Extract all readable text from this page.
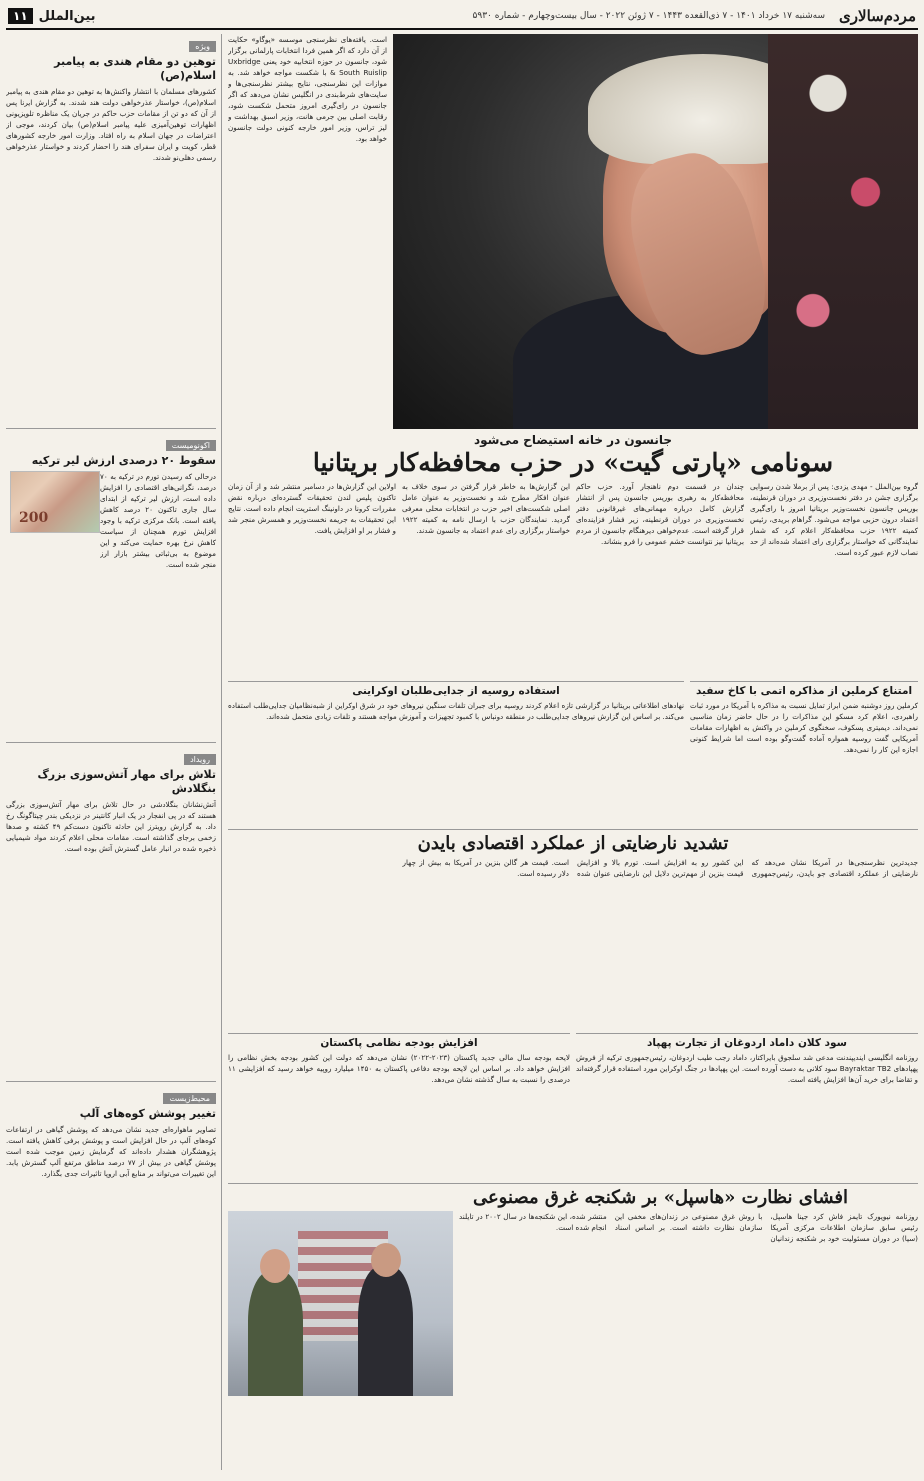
مردم‌سالاری
سه‌شنبه ۱۷ خرداد ۱۴۰۱ - ۷ ذی‌القعده ۱۴۴۳ - ۷ ژوئن ۲۰۲۲ - سال بیست‌وچهارم - شماره ۵۹۳۰
بین‌الملل
۱۱
است. یافته‌های نظرسنجی موسسه «یوگاو» حکایت از آن دارد که اگر همین فردا انتخابات پارلمانی برگزار شود، جانسون در حوزه انتخابیه خود یعنی Uxbridge & South Ruislip با شکست مواجه خواهد شد. به موازات این نظرسنجی، نتایج بیشتر نظرسنجی‌ها و سایت‌های شرط‌بندی در انگلیس نشان می‌دهد که اگر جانسون در رای‌گیری امروز متحمل شکست شود، رقابت اصلی بین جرمی هانت، وزیر اسبق بهداشت و لیز تراس، وزیر امور خارجه کنونی دولت جانسون خواهد بود.
جانسون در خانه استیضاح می‌شود
سونامی «پارتی گیت» در حزب محافظه‌کار بریتانیا
گروه بین‌الملل - مهدی یزدی: پس از برملا شدن رسوایی برگزاری جشن در دفتر نخست‌وزیری در دوران قرنطینه، بوریس جانسون نخست‌وزیر بریتانیا امروز با رای‌گیری اعتماد درون حزبی مواجه می‌شود. گراهام بریدی، رئیس کمیته ۱۹۲۲ حزب محافظه‌کار اعلام کرد که شمار نمایندگانی که خواستار برگزاری رای اعتماد شده‌اند از حد نصاب لازم عبور کرده است.
چندان در قسمت دوم ناهنجار آورد. حزب حاکم محافظه‌کار به رهبری بوریس جانسون پس از انتشار گزارش کامل درباره مهمانی‌های غیرقانونی دفتر نخست‌وزیری در دوران قرنطینه، زیر فشار فزاینده‌ای قرار گرفته است. عدم‌خواهی دیرهنگام جانسون از مردم بریتانیا نیز نتوانست خشم عمومی را فرو بنشاند.
این گزارش‌ها به خاطر قرار گرفتن در سوی خلاف به عنوان افکار مطرح شد و نخست‌وزیر به عنوان عامل اصلی شکست‌های اخیر حزب در انتخابات محلی معرفی گردید. نمایندگان حزب با ارسال نامه به کمیته ۱۹۲۲ خواستار برگزاری رای عدم اعتماد به جانسون شدند.
اولاین این گزارش‌ها در دسامبر منتشر شد و از آن زمان تاکنون پلیس لندن تحقیقات گسترده‌ای درباره نقض مقررات کرونا در داونینگ استریت انجام داده است. نتایج این تحقیقات به جریمه نخست‌وزیر و همسرش منجر شد و فشار بر او افزایش یافت.
امتناع کرملین از مذاکره اتمی با کاخ سفید
کرملین روز دوشنبه ضمن ابراز تمایل نسبت به مذاکره با آمریکا در مورد ثبات راهبردی، اعلام کرد مسکو این مذاکرات را در حال حاضر زمان مناسبی نمی‌داند. دیمیتری پسکوف، سخنگوی کرملین در واکنش به اظهارات مقامات آمریکایی گفت روسیه همواره آماده گفت‌وگو بوده است اما شرایط کنونی اجازه این کار را نمی‌دهد.
استفاده روسیه از جدایی‌طلبان اوکراینی
نهادهای اطلاعاتی بریتانیا در گزارشی تازه اعلام کردند روسیه برای جبران تلفات سنگین نیروهای خود در شرق اوکراین از شبه‌نظامیان جدایی‌طلب استفاده می‌کند. بر اساس این گزارش نیروهای جدایی‌طلب در منطقه دونباس با کمبود تجهیزات و آموزش مواجه هستند و تلفات زیادی متحمل شده‌اند.
تشدید نارضایتی از عملکرد اقتصادی بایدن
جدیدترین نظرسنجی‌ها در آمریکا نشان می‌دهد که نارضایتی از عملکرد اقتصادی جو بایدن، رئیس‌جمهوری این کشور رو به افزایش است. تورم بالا و افزایش قیمت بنزین از مهم‌ترین دلایل این نارضایتی عنوان شده است. قیمت هر گالن بنزین در آمریکا به بیش از چهار دلار رسیده است.
سود کلان داماد اردوغان از تجارت پهپاد
روزنامه انگلیسی ایندیپندنت مدعی شد سلجوق بایراکتار، داماد رجب طیب اردوغان، رئیس‌جمهوری ترکیه از فروش پهپادهای Bayraktar TB2 سود کلانی به دست آورده است. این پهپادها در جنگ اوکراین مورد استفاده قرار گرفته‌اند و تقاضا برای خرید آن‌ها افزایش یافته است.
افزایش بودجه نظامی پاکستان
لایحه بودجه سال مالی جدید پاکستان (۲۰۲۳-۲۰۲۲) نشان می‌دهد که دولت این کشور بودجه بخش نظامی را افزایش خواهد داد. بر اساس این لایحه بودجه دفاعی پاکستان به ۱۴۵۰ میلیارد روپیه خواهد رسید که افزایشی ۱۱ درصدی را نسبت به سال گذشته نشان می‌دهد.
افشای نظارت «هاسپل» بر شکنجه غرق مصنوعی
روزنامه نیویورک تایمز فاش کرد جینا هاسپل، رئیس سابق سازمان اطلاعات مرکزی آمریکا (سیا) در دوران مسئولیت خود بر شکنجه زندانیان با روش غرق مصنوعی در زندان‌های مخفی این سازمان نظارت داشته است. بر اساس اسناد منتشر شده، این شکنجه‌ها در سال ۲۰۰۲ در تایلند انجام شده است.
ویژه
توهین دو مقام هندی به پیامبر اسلام(ص)
کشورهای مسلمان با انتشار واکنش‌ها به توهین دو مقام هندی به پیامبر اسلام(ص)، خواستار عذرخواهی دولت هند شدند. به گزارش ایرنا پس از آن که دو تن از مقامات حزب حاکم در جریان یک مناظره تلویزیونی اظهارات توهین‌آمیزی علیه پیامبر اسلام(ص) بیان کردند، موجی از اعتراضات در جهان اسلام به راه افتاد. وزارت امور خارجه کشورهای قطر، کویت و ایران سفرای هند را احضار کردند و خواستار عذرخواهی رسمی دهلی‌نو شدند.
اکونومیست
سقوط ۲۰ درصدی ارزش لیر ترکیه
200
درحالی که رسیدن تورم در ترکیه به ۷۰ درصد، نگرانی‌های اقتصادی را افزایش داده است، ارزش لیر ترکیه از ابتدای سال جاری تاکنون ۲۰ درصد کاهش یافته است. بانک مرکزی ترکیه با وجود افزایش تورم همچنان از سیاست کاهش نرخ بهره حمایت می‌کند و این موضوع به بی‌ثباتی بیشتر بازار ارز منجر شده است.
رویداد
تلاش برای مهار آتش‌سوزی بزرگ بنگلادش
آتش‌نشانان بنگلادشی در حال تلاش برای مهار آتش‌سوزی بزرگی هستند که در پی انفجار در یک انبار کانتینر در نزدیکی بندر چیتاگونگ رخ داد. به گزارش رویترز این حادثه تاکنون دست‌کم ۴۹ کشته و صدها زخمی برجای گذاشته است. مقامات محلی اعلام کردند مواد شیمیایی ذخیره شده در انبار عامل گسترش آتش بوده است.
محیط‌زیست
تغییر پوشش کوه‌های آلپ
تصاویر ماهواره‌ای جدید نشان می‌دهد که پوشش گیاهی در ارتفاعات کوه‌های آلپ در حال افزایش است و پوشش برفی کاهش یافته است. پژوهشگران هشدار داده‌اند که گرمایش زمین موجب شده است پوشش گیاهی در بیش از ۷۷ درصد مناطق مرتفع آلپ گسترش یابد. این تغییرات می‌تواند بر منابع آبی اروپا تاثیرات جدی بگذارد.
